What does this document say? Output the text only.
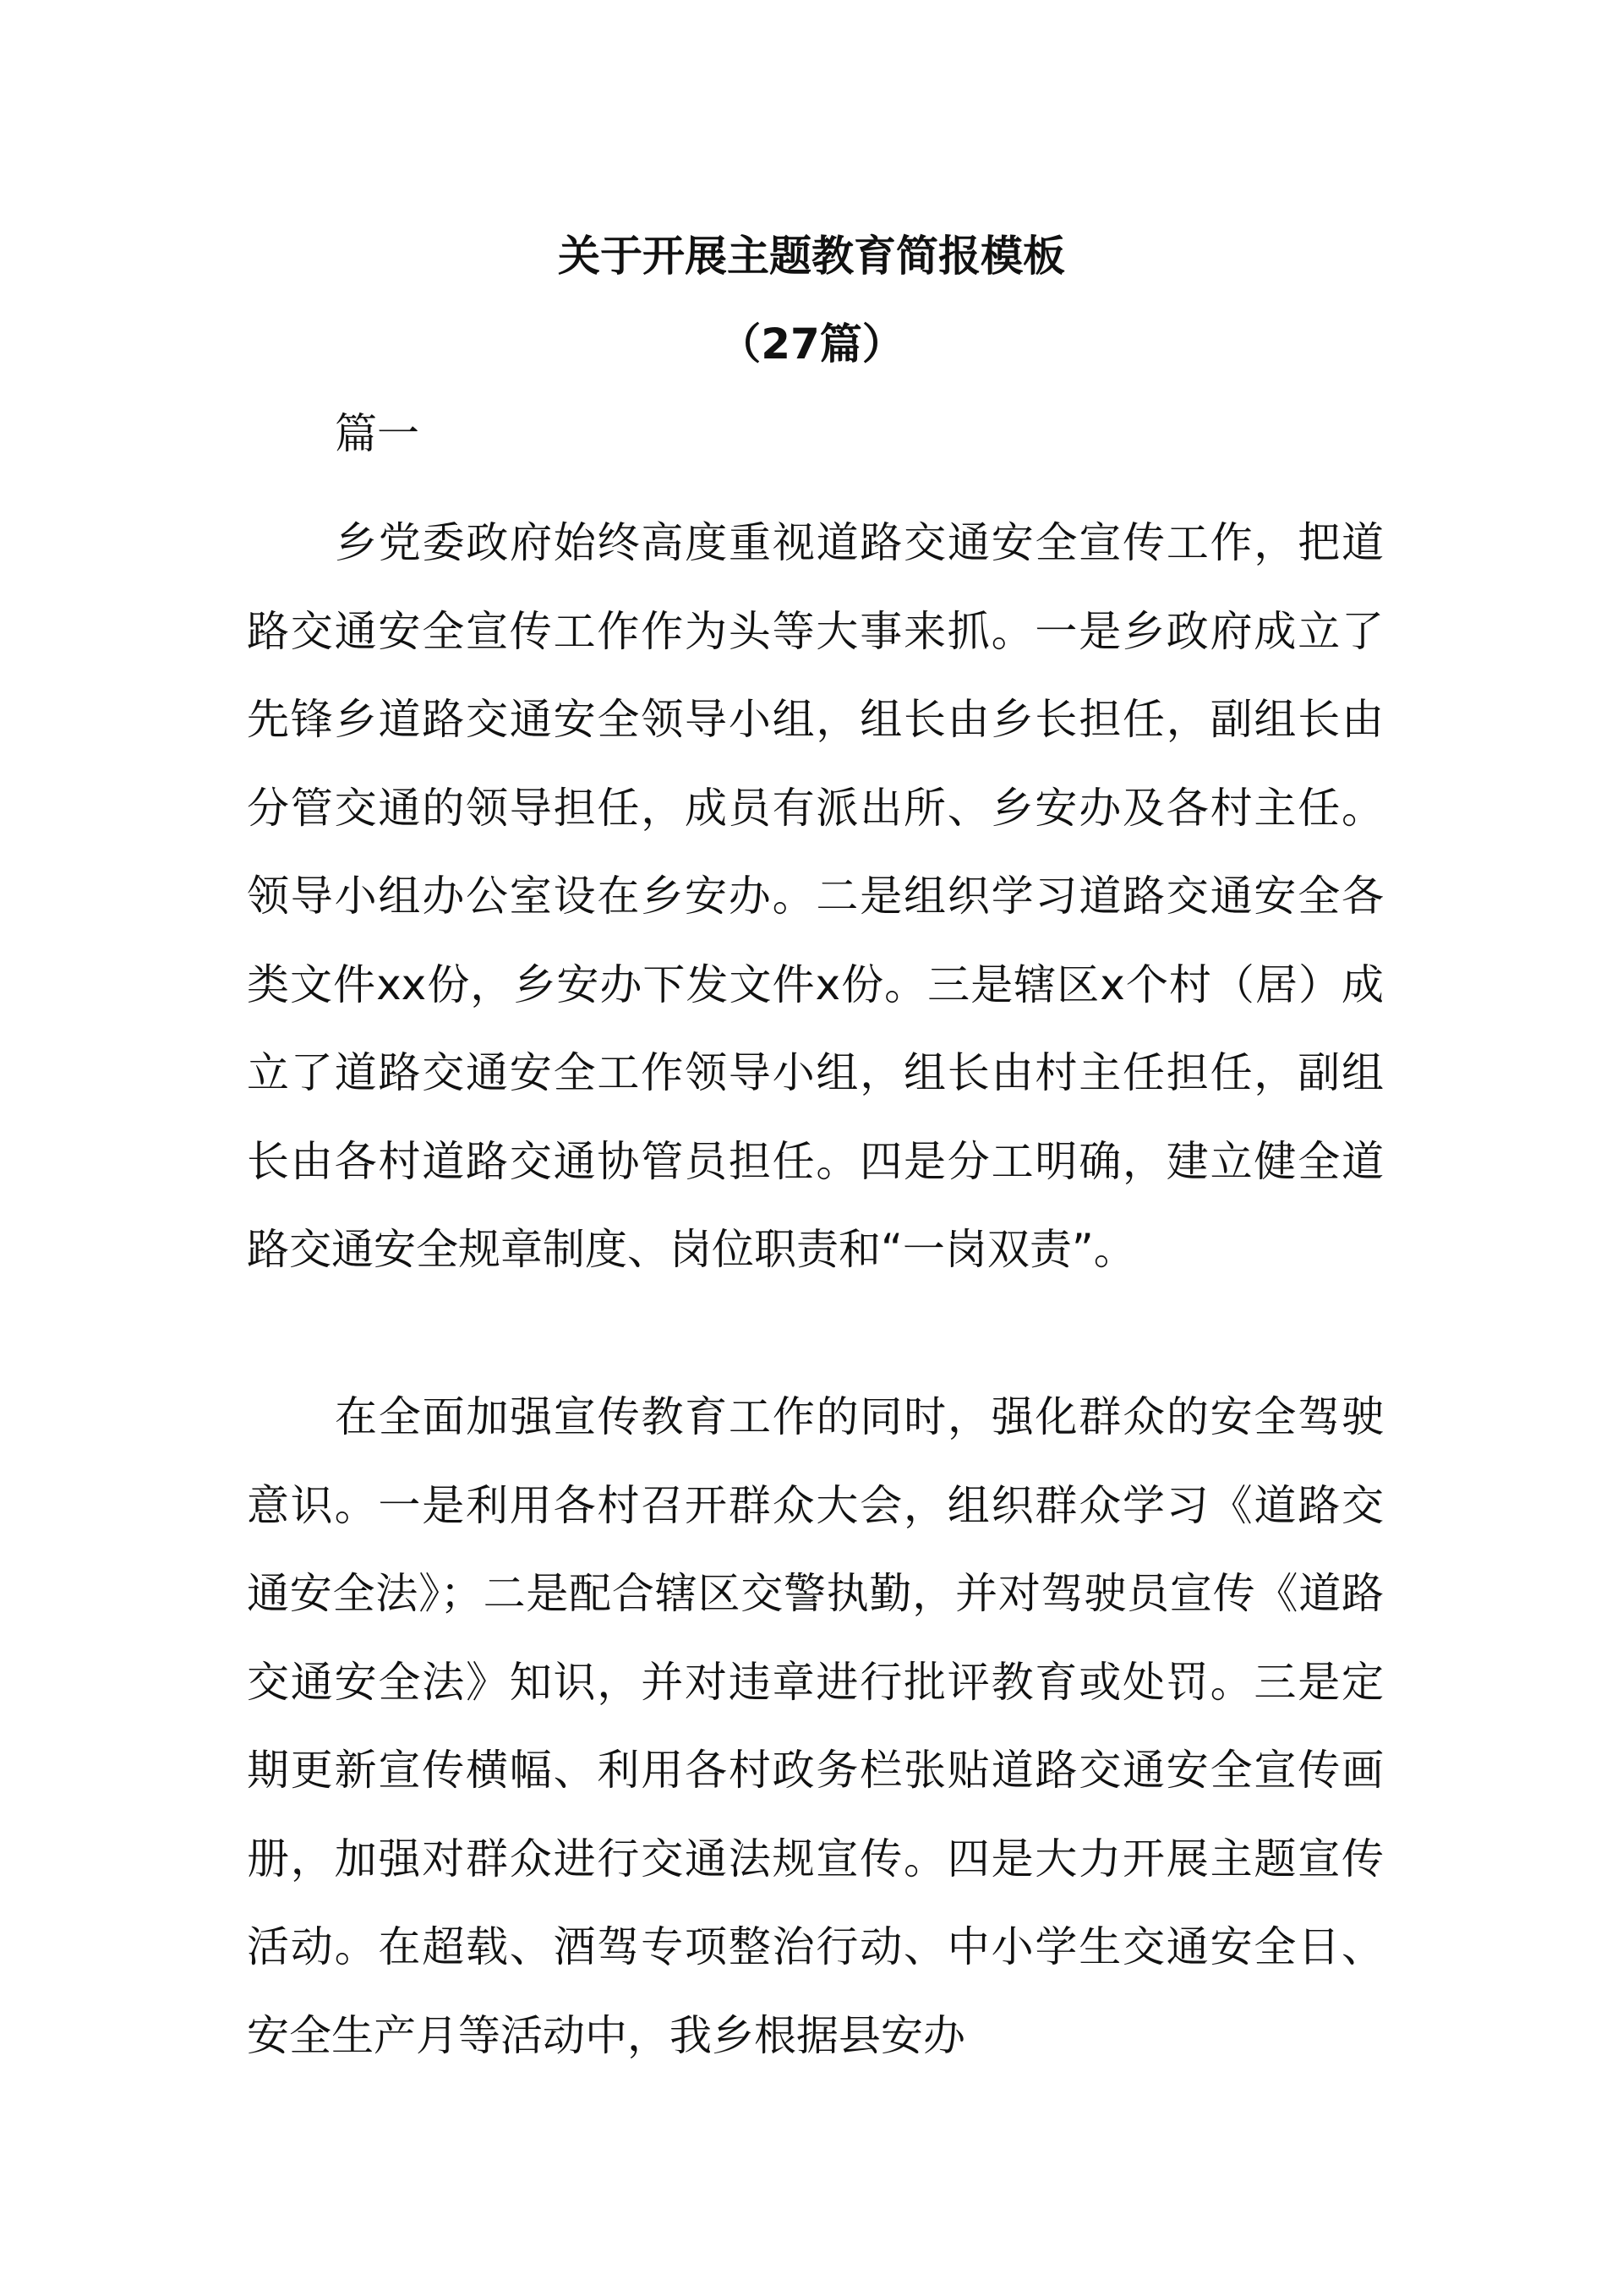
关于开展主题教育简报模板
（27篇）

篇一

乡党委政府始终高度重视道路交通安全宣传工作，把道路交通安全宣传工作作为头等大事来抓。一是乡政府成立了先锋乡道路交通安全领导小组，组长由乡长担任，副组长由分管交通的领导担任，成员有派出所、乡安办及各村主任。领导小组办公室设在乡安办。二是组织学习道路交通安全各类文件xx份，乡安办下发文件x份。三是辖区x个村（居）成立了道路交通安全工作领导小组，组长由村主任担任，副组长由各村道路交通协管员担任。四是分工明确，建立健全道路交通安全规章制度、岗位职责和“一岗双责”。

在全面加强宣传教育工作的同时，强化群众的安全驾驶意识。一是利用各村召开群众大会，组织群众学习《道路交通安全法》；二是配合辖区交警执勤，并对驾驶员宣传《道路交通安全法》知识，并对违章进行批评教育或处罚。三是定期更新宣传横幅、利用各村政务栏张贴道路交通安全宣传画册，加强对群众进行交通法规宣传。四是大力开展主题宣传活动。在超载、酒驾专项整治行动、中小学生交通安全日、安全生产月等活动中，我乡根据县安办
